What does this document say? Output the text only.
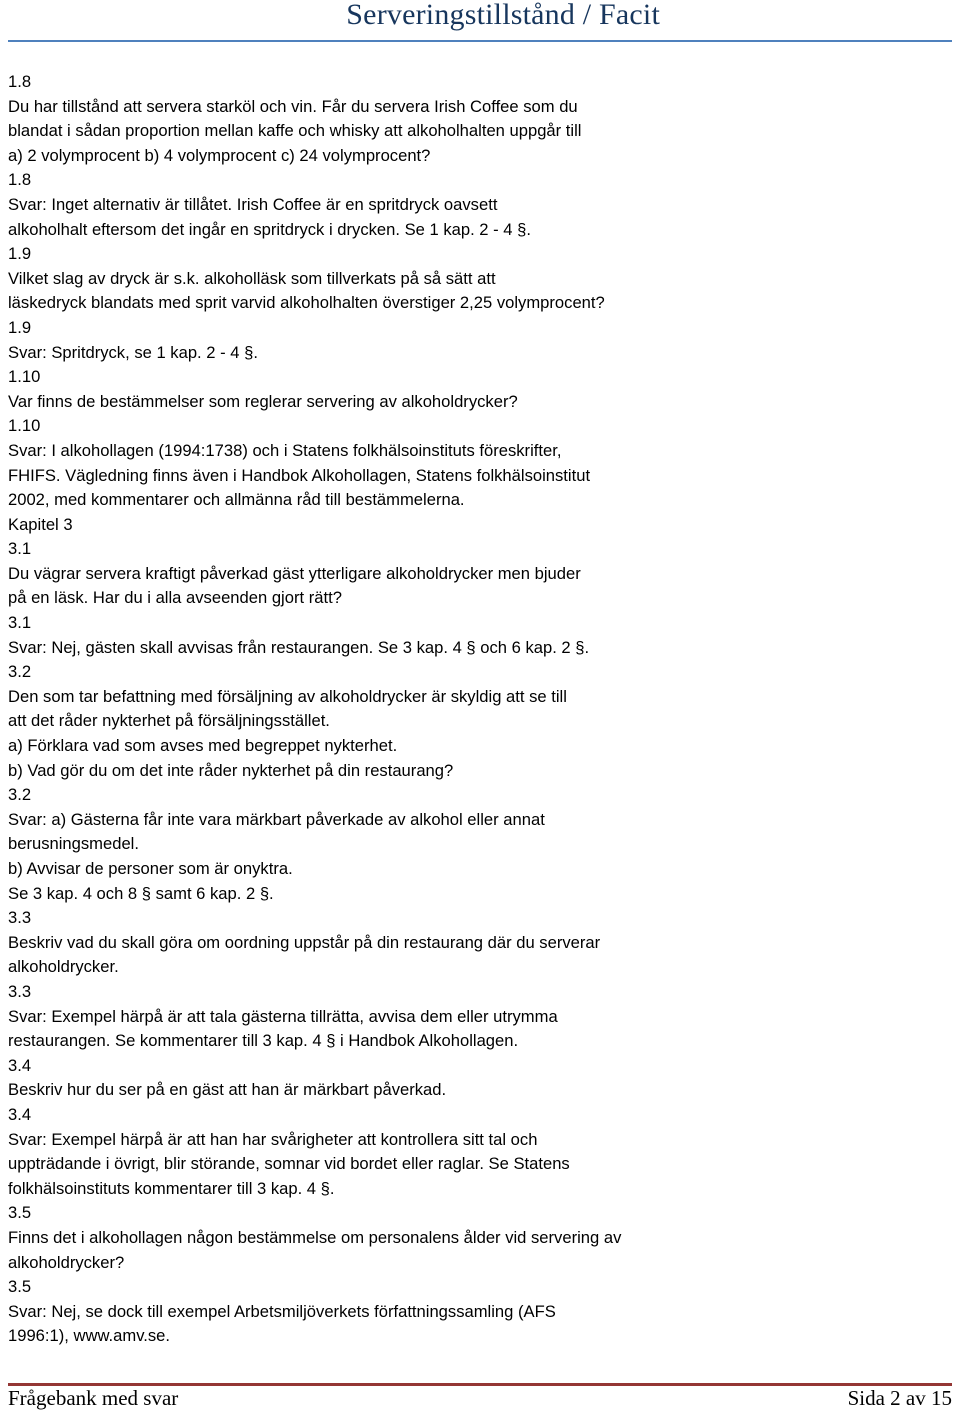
Serveringstillstånd / Facit
1.8
Du har tillstånd att servera starköl och vin. Får du servera Irish Coffee som du
blandat i sådan proportion mellan kaffe och whisky att alkoholhalten uppgår till
a) 2 volymprocent b) 4 volymprocent c) 24 volymprocent?
1.8
Svar: Inget alternativ är tillåtet. Irish Coffee är en spritdryck oavsett
alkoholhalt eftersom det ingår en spritdryck i drycken. Se 1 kap. 2 - 4 §.
1.9
Vilket slag av dryck är s.k. alkoholläsk som tillverkats på så sätt att
läskedryck blandats med sprit varvid alkoholhalten överstiger 2,25 volymprocent?
1.9
Svar: Spritdryck, se 1 kap. 2 - 4 §.
1.10
Var finns de bestämmelser som reglerar servering av alkoholdrycker?
1.10
Svar: I alkohollagen (1994:1738) och i Statens folkhälsoinstituts föreskrifter,
FHIFS. Vägledning finns även i Handbok Alkohollagen, Statens folkhälsoinstitut
2002, med kommentarer och allmänna råd till bestämmelerna.
Kapitel 3
3.1
Du vägrar servera kraftigt påverkad gäst ytterligare alkoholdrycker men bjuder
på en läsk. Har du i alla avseenden gjort rätt?
3.1
Svar: Nej, gästen skall avvisas från restaurangen. Se 3 kap. 4 § och 6 kap. 2 §.
3.2
Den som tar befattning med försäljning av alkoholdrycker är skyldig att se till
att det råder nykterhet på försäljningsstället.
a) Förklara vad som avses med begreppet nykterhet.
b) Vad gör du om det inte råder nykterhet på din restaurang?
3.2
Svar: a) Gästerna får inte vara märkbart påverkade av alkohol eller annat
berusningsmedel.
b) Avvisar de personer som är onyktra.
Se 3 kap. 4 och 8 § samt 6 kap. 2 §.
3.3
Beskriv vad du skall göra om oordning uppstår på din restaurang där du serverar
alkoholdrycker.
3.3
Svar: Exempel härpå är att tala gästerna tillrätta, avvisa dem eller utrymma
restaurangen. Se kommentarer till 3 kap. 4 § i Handbok Alkohollagen.
3.4
Beskriv hur du ser på en gäst att han är märkbart påverkad.
3.4
Svar: Exempel härpå är att han har svårigheter att kontrollera sitt tal och
uppträdande i övrigt, blir störande, somnar vid bordet eller raglar. Se Statens
folkhälsoinstituts kommentarer till 3 kap. 4 §.
3.5
Finns det i alkohollagen någon bestämmelse om personalens ålder vid servering av
alkoholdrycker?
3.5
Svar: Nej, se dock till exempel Arbetsmiljöverkets författningssamling (AFS
1996:1), www.amv.se.
Frågebank med svar	Sida 2 av 15
